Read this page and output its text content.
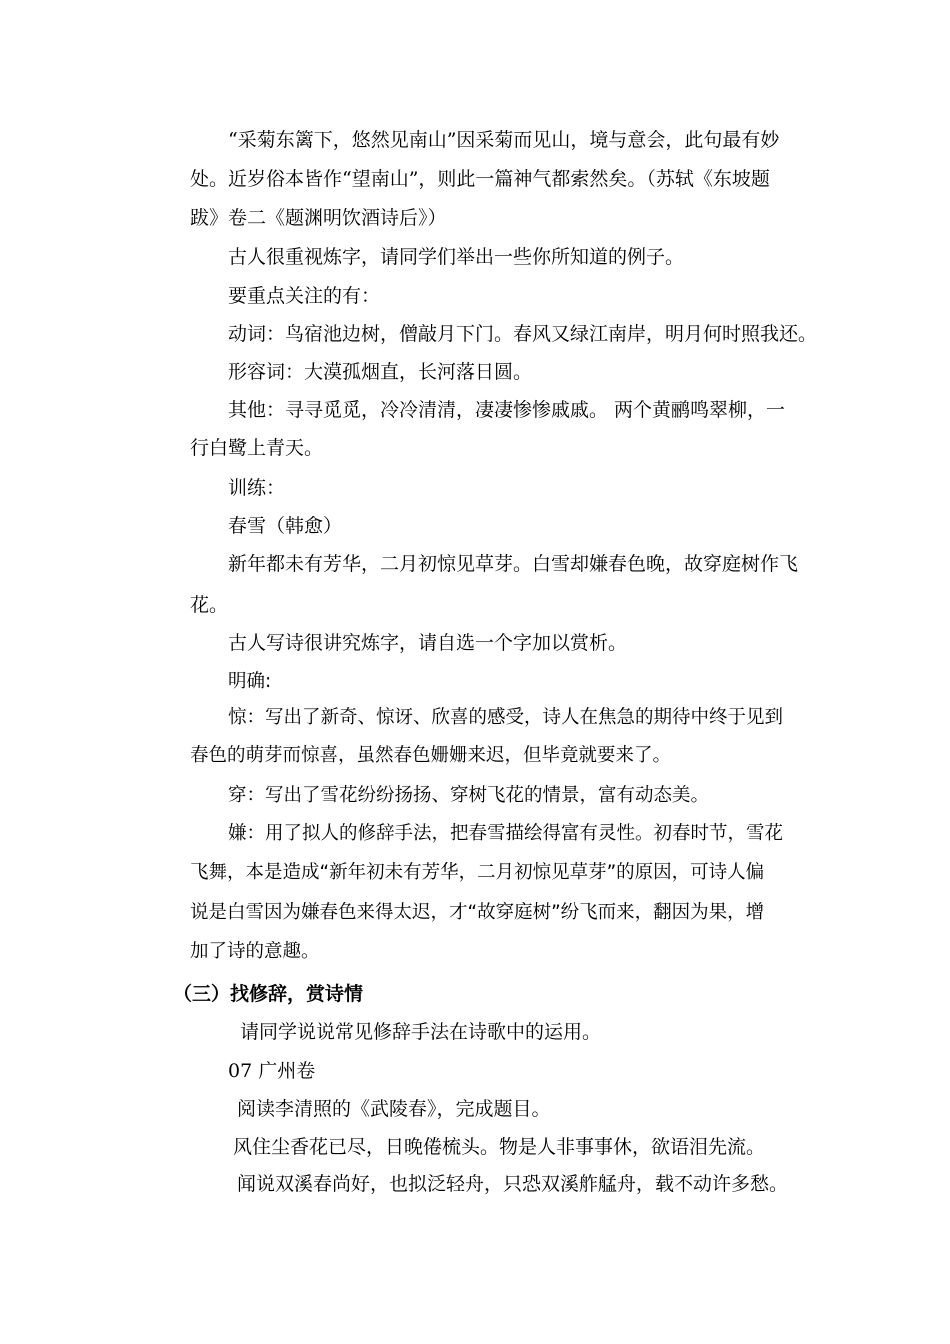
“采菊东篱下，悠然见南山”因采菊而见山，境与意会，此句最有妙
处。近岁俗本皆作“望南山”，则此一篇神气都索然矣。（苏轼《东坡题
跋》卷二《题渊明饮酒诗后》）
古人很重视炼字，请同学们举出一些你所知道的例子。
要重点关注的有：
动词：鸟宿池边树，僧敲月下门。春风又绿江南岸，明月何时照我还。
形容词：大漠孤烟直，长河落日圆。
其他：寻寻觅觅，冷冷清清，凄凄惨惨戚戚。 两个黄鹂鸣翠柳，一
行白鹭上青天。
训练：
春雪（韩愈）
新年都未有芳华，二月初惊见草芽。白雪却嫌春色晚，故穿庭树作飞
花。
古人写诗很讲究炼字，请自选一个字加以赏析。
明确:
惊：写出了新奇、惊讶、欣喜的感受，诗人在焦急的期待中终于见到
春色的萌芽而惊喜，虽然春色姗姗来迟，但毕竟就要来了。
穿：写出了雪花纷纷扬扬、穿树飞花的情景，富有动态美。
嫌：用了拟人的修辞手法，把春雪描绘得富有灵性。初春时节，雪花
飞舞，本是造成“新年初未有芳华，二月初惊见草芽”的原因，可诗人偏
说是白雪因为嫌春色来得太迟，才“故穿庭树”纷飞而来，翻因为果，增
加了诗的意趣。
（三）找修辞，赏诗情
请同学说说常见修辞手法在诗歌中的运用。
07 广州卷
阅读李清照的《武陵春》，完成题目。
风住尘香花已尽，日晚倦梳头。物是人非事事休，欲语泪先流。
闻说双溪春尚好，也拟泛轻舟，只恐双溪舴艋舟，载不动许多愁。
